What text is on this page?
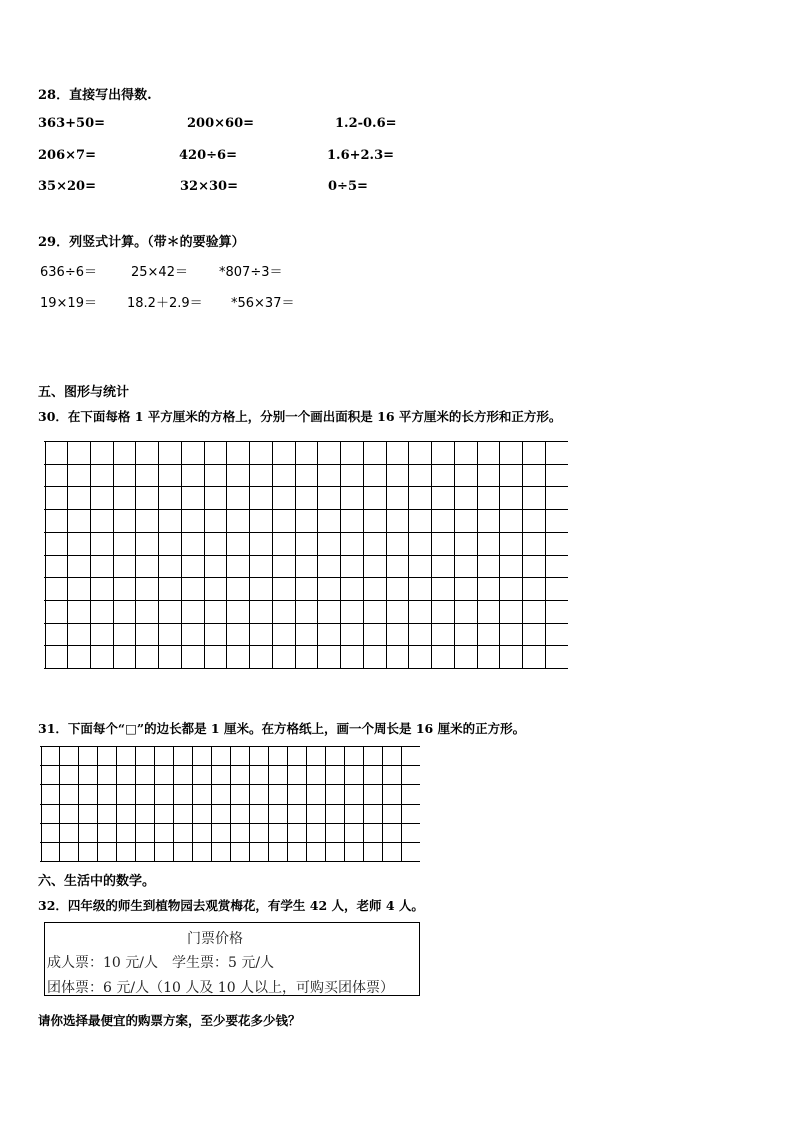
28．直接写出得数.
363+50=	200×60=	1.2-0.6=
206×7=	420÷6=	1.6+2.3=
35×20=	32×30=	0÷5=
29．列竖式计算。（带＊的要验算）
636÷6＝	25×42＝ *807÷3＝
19×19＝ 18.2＋2.9＝ *56×37＝
五、图形与统计
30．在下面每格 1 平方厘米的方格上，分别一个画出面积是 16 平方厘米的长方形和正方形。
31．下面每个“□”的边长都是 1 厘米。在方格纸上，画一个周长是 16 厘米的正方形。
六、生活中的数学。
32．四年级的师生到植物园去观赏梅花，有学生 42 人，老师 4 人。
门票价格
成人票：10 元/人　学生票：5 元/人
团体票：6 元/人（10 人及 10 人以上，可购买团体票）
请你选择最便宜的购票方案，至少要花多少钱？
